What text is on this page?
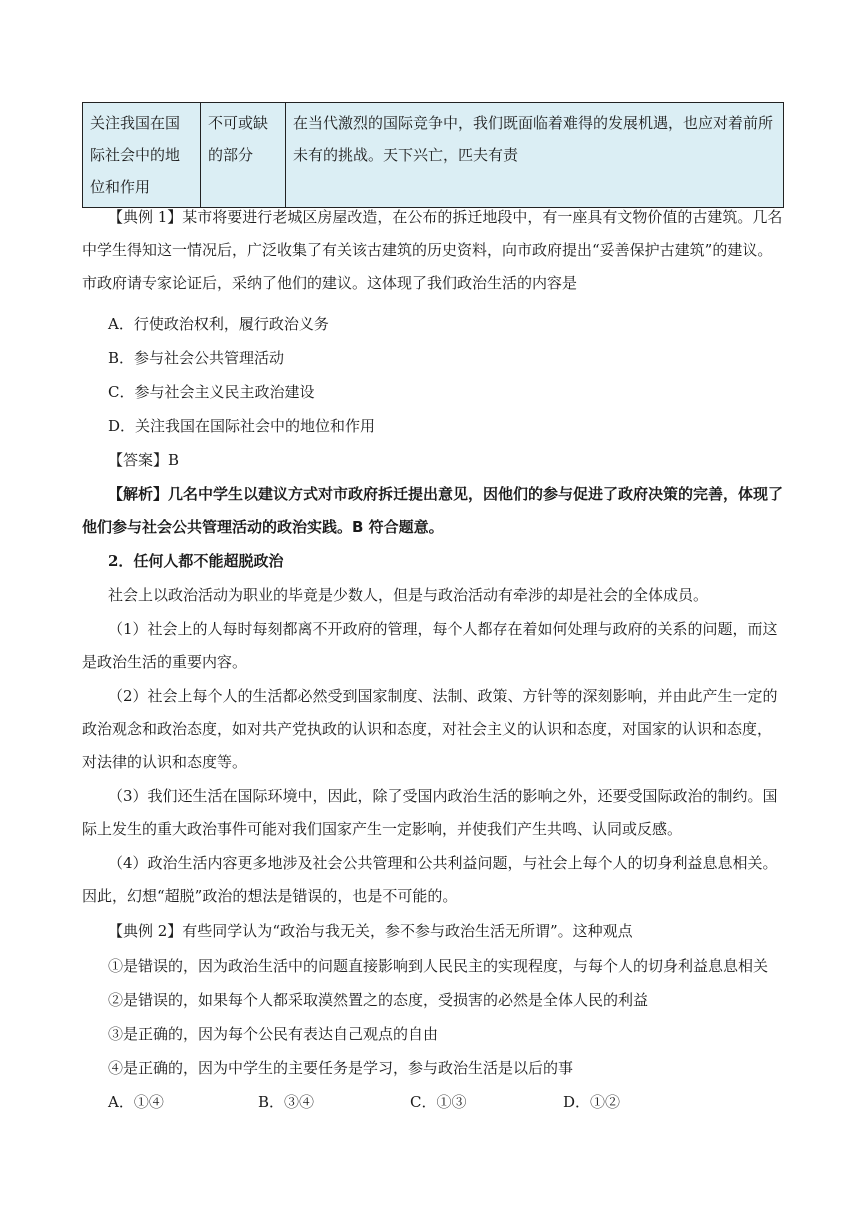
关注我国在国际社会中的地位和作用	不可或缺的部分	在当代激烈的国际竞争中，我们既面临着难得的发展机遇，也应对着前所未有的挑战。天下兴亡，匹夫有责
【典例 1】某市将要进行老城区房屋改造，在公布的拆迁地段中，有一座具有文物价值的古建筑。几名中学生得知这一情况后，广泛收集了有关该古建筑的历史资料，向市政府提出“妥善保护古建筑”的建议。市政府请专家论证后，采纳了他们的建议。这体现了我们政治生活的内容是
A．行使政治权利，履行政治义务
B．参与社会公共管理活动
C．参与社会主义民主政治建设
D．关注我国在国际社会中的地位和作用
【答案】B
【解析】几名中学生以建议方式对市政府拆迁提出意见，因他们的参与促进了政府决策的完善，体现了他们参与社会公共管理活动的政治实践。B 符合题意。
2．任何人都不能超脱政治
社会上以政治活动为职业的毕竟是少数人，但是与政治活动有牵涉的却是社会的全体成员。
（1）社会上的人每时每刻都离不开政府的管理，每个人都存在着如何处理与政府的关系的问题，而这是政治生活的重要内容。
（2）社会上每个人的生活都必然受到国家制度、法制、政策、方针等的深刻影响，并由此产生一定的政治观念和政治态度，如对共产党执政的认识和态度，对社会主义的认识和态度，对国家的认识和态度，对法律的认识和态度等。
（3）我们还生活在国际环境中，因此，除了受国内政治生活的影响之外，还要受国际政治的制约。国际上发生的重大政治事件可能对我们国家产生一定影响，并使我们产生共鸣、认同或反感。
（4）政治生活内容更多地涉及社会公共管理和公共利益问题，与社会上每个人的切身利益息息相关。因此，幻想“超脱”政治的想法是错误的，也是不可能的。
【典例 2】有些同学认为“政治与我无关，参不参与政治生活无所谓”。这种观点
①是错误的，因为政治生活中的问题直接影响到人民民主的实现程度，与每个人的切身利益息息相关
②是错误的，如果每个人都采取漠然置之的态度，受损害的必然是全体人民的利益
③是正确的，因为每个公民有表达自己观点的自由
④是正确的，因为中学生的主要任务是学习，参与政治生活是以后的事
A．①④	B．③④	C．①③	D．①②
